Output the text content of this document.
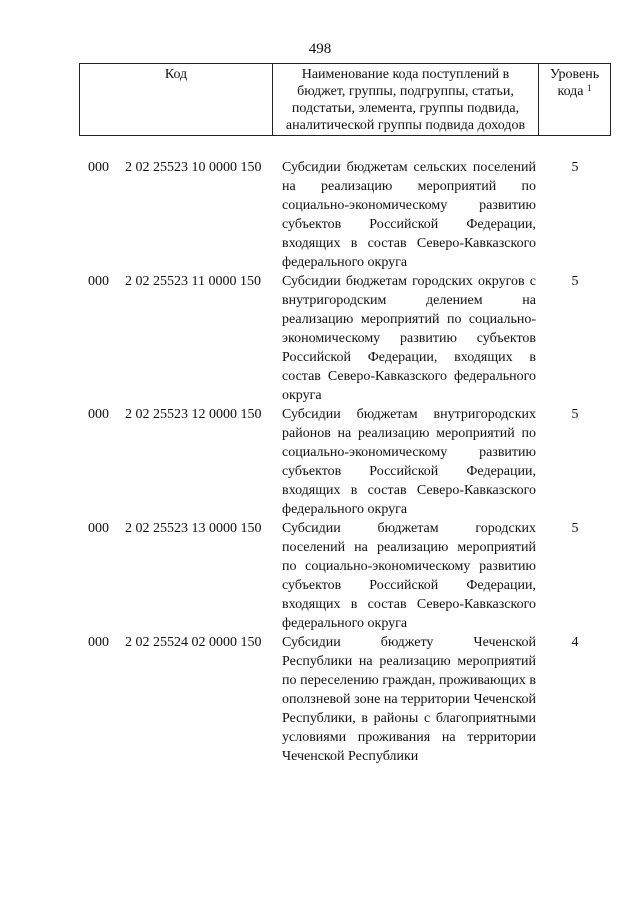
498
Код	Наименование кода поступлений в бюджет, группы, подгруппы, статьи, подстатьи, элемента, группы подвида, аналитической группы подвида доходов
Уровень кода $^1$
000 2 02 25523 10 0000 150 Субсидии бюджетам сельских поселений на реализацию мероприятий по социально-экономическому развитию субъектов Российской Федерации, входящих в состав Северо-Кавказского федерального округа
5
000 2 02 25523 11 0000 150 Субсидии бюджетам городских округов с внутригородским делением на реализацию мероприятий по социально-экономическому развитию субъектов Российской Федерации, входящих в состав Северо-Кавказского федерального округа
5
000 2 02 25523 12 0000 150 Субсидии бюджетам внутригородских районов на реализацию мероприятий по социально-экономическому развитию субъектов Российской Федерации, входящих в состав Северо-Кавказского федерального округа
5
000 2 02 25523 13 0000 150 Субсидии бюджетам городских поселений на реализацию мероприятий по социально-экономическому развитию субъектов Российской Федерации, входящих в состав Северо-Кавказского федерального округа
5
000 2 02 25524 02 0000 150 Субсидии бюджету Чеченской Республики на реализацию мероприятий по переселению граждан, проживающих в оползневой зоне на территории Чеченской Республики, в районы с благоприятными условиями проживания на территории Чеченской Республики
4
